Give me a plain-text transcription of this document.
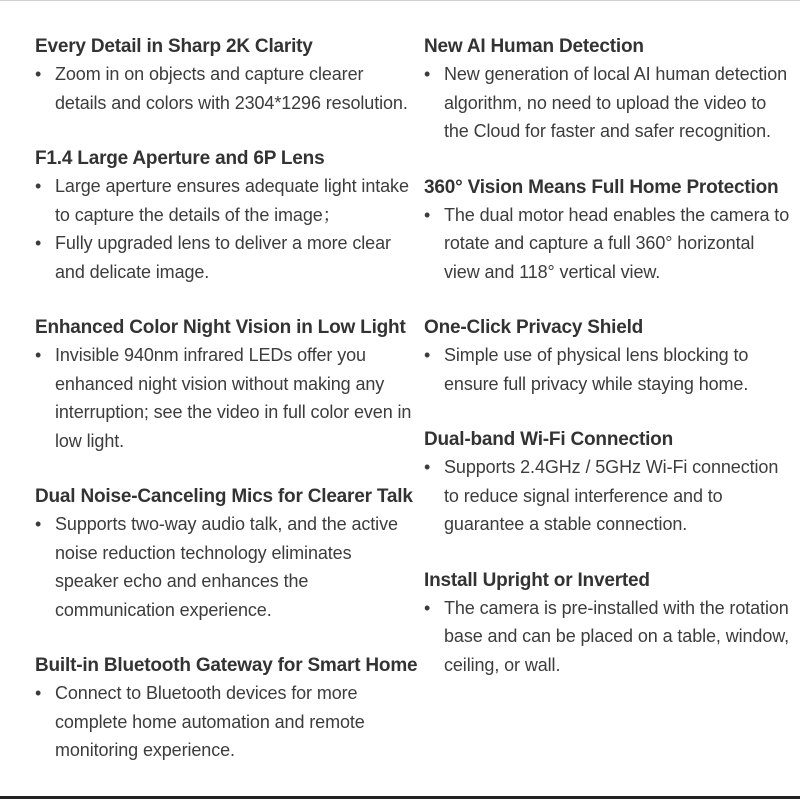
Every Detail in Sharp 2K Clarity
• Zoom in on objects and capture clearer details and colors with 2304*1296 resolution.
F1.4 Large Aperture and 6P Lens
• Large aperture ensures adequate light intake to capture the details of the image；
• Fully upgraded lens to deliver a more clear and delicate image.
Enhanced Color Night Vision in Low Light
• Invisible 940nm infrared LEDs offer you enhanced night vision without making any interruption; see the video in full color even in low light.
Dual Noise-Canceling Mics for Clearer Talk
• Supports two-way audio talk, and the active noise reduction technology eliminates speaker echo and enhances the communication experience.
Built-in Bluetooth Gateway for Smart Home
• Connect to Bluetooth devices for more complete home automation and remote monitoring experience.
New AI Human Detection
• New generation of local AI human detection algorithm, no need to upload the video to the Cloud for faster and safer recognition.
360° Vision Means Full Home Protection
• The dual motor head enables the camera to rotate and capture a full 360° horizontal view and 118° vertical view.
One-Click Privacy Shield
• Simple use of physical lens blocking to ensure full privacy while staying home.
Dual-band Wi-Fi Connection
• Supports 2.4GHz / 5GHz Wi-Fi connection to reduce signal interference and to guarantee a stable connection.
Install Upright or Inverted
• The camera is pre-installed with the rotation base and can be placed on a table, window, ceiling, or wall.
